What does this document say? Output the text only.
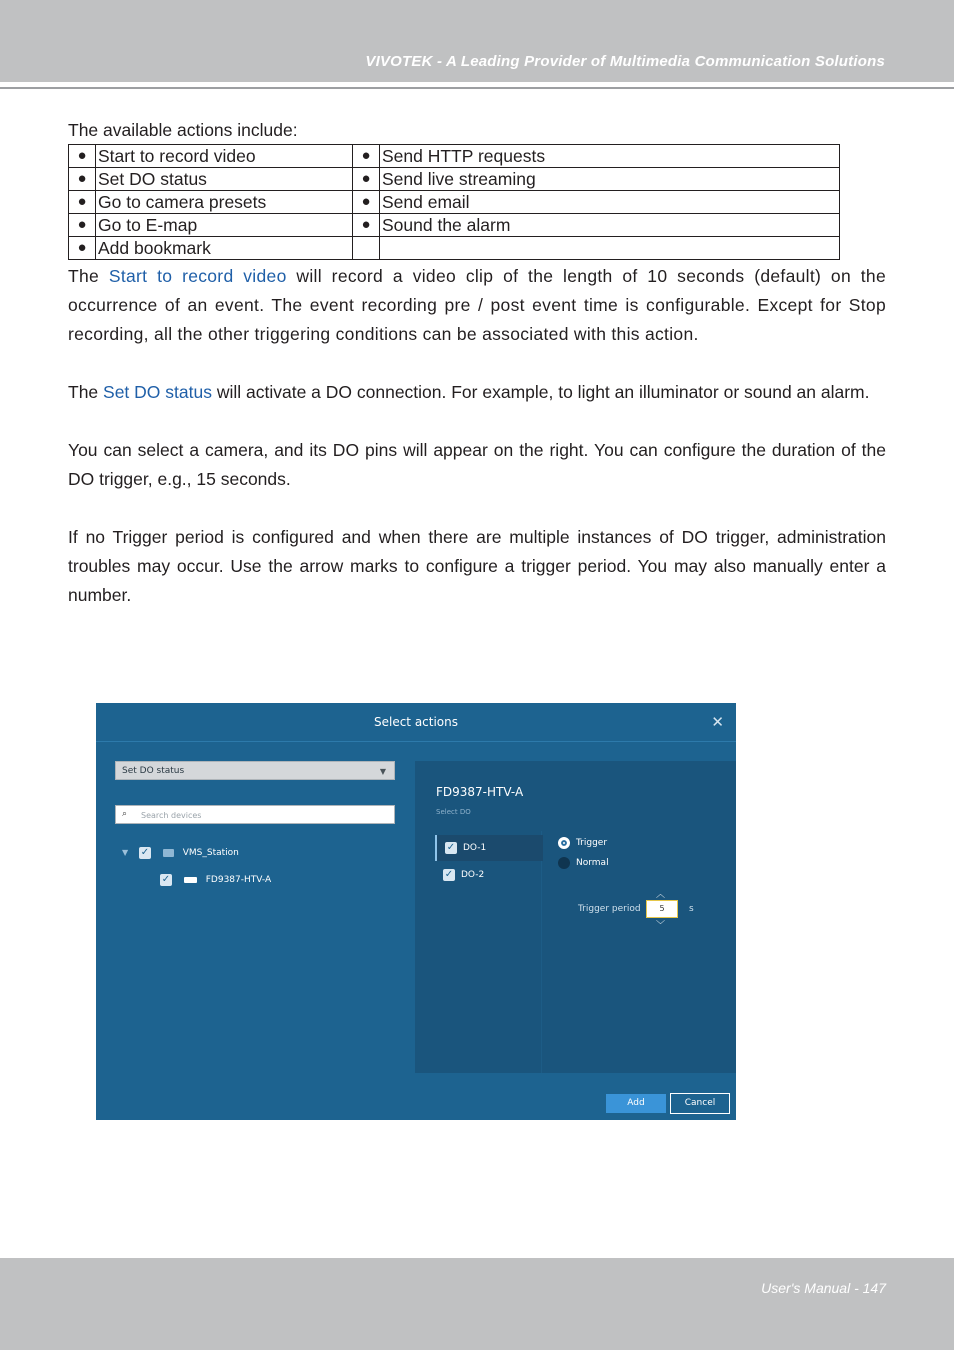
VIVOTEK - A Leading Provider of Multimedia Communication Solutions

The available actions include:

●	Start to record video	●	Send HTTP requests
●	Set DO status	●	Send live streaming
●	Go to camera presets	●	Send email
●	Go to E-map	●	Sound the alarm
●	Add bookmark		

The Start to record video will record a video clip of the length of 10 seconds (default) on the occurrence of an event. The event recording pre / post event time is configurable. Except for Stop recording, all the other triggering conditions can be associated with this action.

The Set DO status will activate a DO connection. For example, to light an illuminator or sound an alarm.

You can select a camera, and its DO pins will appear on the right. You can configure the duration of the DO trigger, e.g., 15 seconds.

If no Trigger period is configured and when there are multiple instances of DO trigger, administration troubles may occur. Use the arrow marks to configure a trigger period. You may also manually enter a number.

Select actions	✕
Set DO status	▼
⌕ Search devices
▼ ✓	VMS_Station
✓	FD9387-HTV-A
FD9387-HTV-A
Select DO
✓ DO-1
✓ DO-2
Trigger
Normal
Trigger period
︿
5
﹀
s
Add	Cancel
User's Manual - 147
